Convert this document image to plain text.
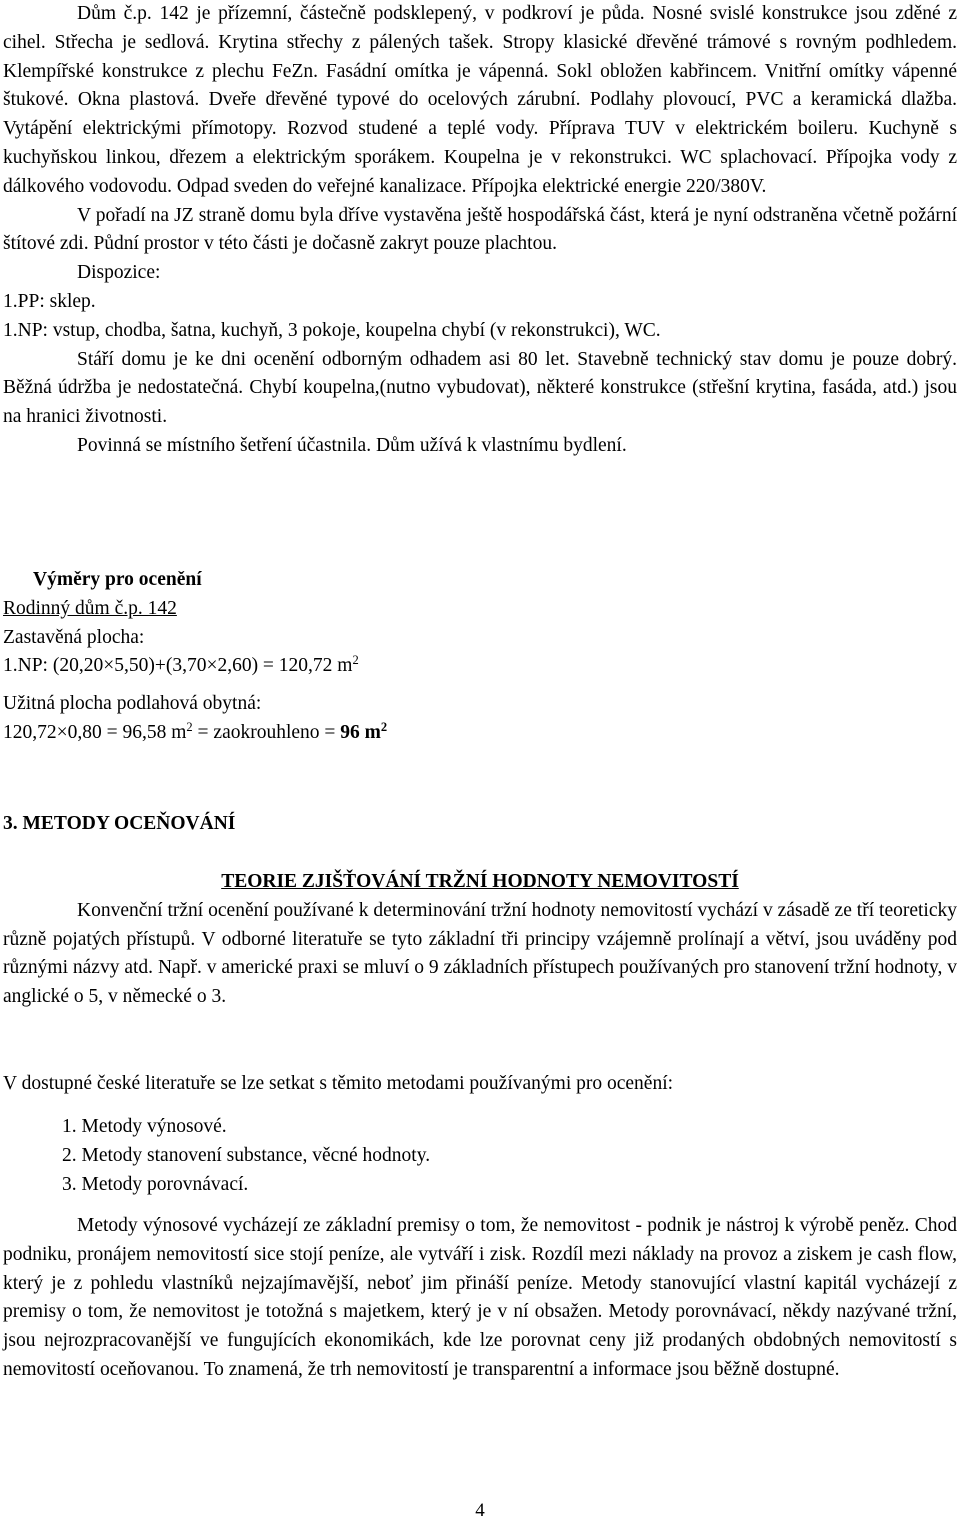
Dům č.p. 142 je přízemní, částečně podsklepený, v podkroví je půda. Nosné svislé konstrukce jsou zděné z cihel. Střecha je sedlová. Krytina střechy z pálených tašek. Stropy klasické dřevěné trámové s rovným podhledem. Klempířské konstrukce z plechu FeZn. Fasádní omítka je vápenná. Sokl obložen kabřincem. Vnitřní omítky vápenné štukové. Okna plastová. Dveře dřevěné typové do ocelových zárubní. Podlahy plovoucí, PVC a keramická dlažba. Vytápění elektrickými přímotopy. Rozvod studené a teplé vody. Příprava TUV v elektrickém boileru. Kuchyně s kuchyňskou linkou, dřezem a elektrickým sporákem. Koupelna je v rekonstrukci. WC splachovací. Přípojka vody z dálkového vodovodu. Odpad sveden do veřejné kanalizace. Přípojka elektrické energie 220/380V.

V pořadí na JZ straně domu byla dříve vystavěna ještě hospodářská část, která je nyní odstraněna včetně požární štítové zdi. Půdní prostor v této části je dočasně zakryt pouze plachtou.

Dispozice:

1.PP: sklep.

1.NP: vstup, chodba, šatna, kuchyň, 3 pokoje, koupelna chybí (v rekonstrukci), WC.

Stáří domu je ke dni ocenění odborným odhadem asi 80 let. Stavebně technický stav domu je pouze dobrý. Běžná údržba je nedostatečná. Chybí koupelna,(nutno vybudovat), některé konstrukce (střešní krytina, fasáda, atd.) jsou na hranici životnosti.

Povinná se místního šetření účastnila. Dům užívá k vlastnímu bydlení.

Výměry pro ocenění

Rodinný dům č.p. 142

Zastavěná plocha:

1.NP: (20,20×5,50)+(3,70×2,60) = 120,72 $m^2$

Užitná plocha podlahová obytná:

120,72×0,80 = 96,58 $m^2$ = zaokrouhleno = 96 $m^2$

3. METODY OCEŇOVÁNÍ

TEORIE ZJIŠŤOVÁNÍ TRŽNÍ HODNOTY NEMOVITOSTÍ

Konvenční tržní ocenění používané k determinování tržní hodnoty nemovitostí vychází v zásadě ze tří teoreticky různě pojatých přístupů. V odborné literatuře se tyto základní tři principy vzájemně prolínají a větví, jsou uváděny pod různými názvy atd. Např. v americké praxi se mluví o 9 základních přístupech používaných pro stanovení tržní hodnoty, v anglické o 5, v německé o 3.

V dostupné české literatuře se lze setkat s těmito metodami používanými pro ocenění:

1. Metody výnosové.
2. Metody stanovení substance, věcné hodnoty.
3. Metody porovnávací.

Metody výnosové vycházejí ze základní premisy o tom, že nemovitost - podnik je nástroj k výrobě peněz. Chod podniku, pronájem nemovitostí sice stojí peníze, ale vytváří i zisk. Rozdíl mezi náklady na provoz a ziskem je cash flow, který je z pohledu vlastníků nejzajímavější, neboť jim přináší peníze. Metody stanovující vlastní kapitál vycházejí z premisy o tom, že nemovitost je totožná s majetkem, který je v ní obsažen. Metody porovnávací, někdy nazývané tržní, jsou nejrozpracovanější ve fungujících ekonomikách, kde lze porovnat ceny již prodaných obdobných nemovitostí s nemovitostí oceňovanou. To znamená, že trh nemovitostí je transparentní a informace jsou běžně dostupné.

4
